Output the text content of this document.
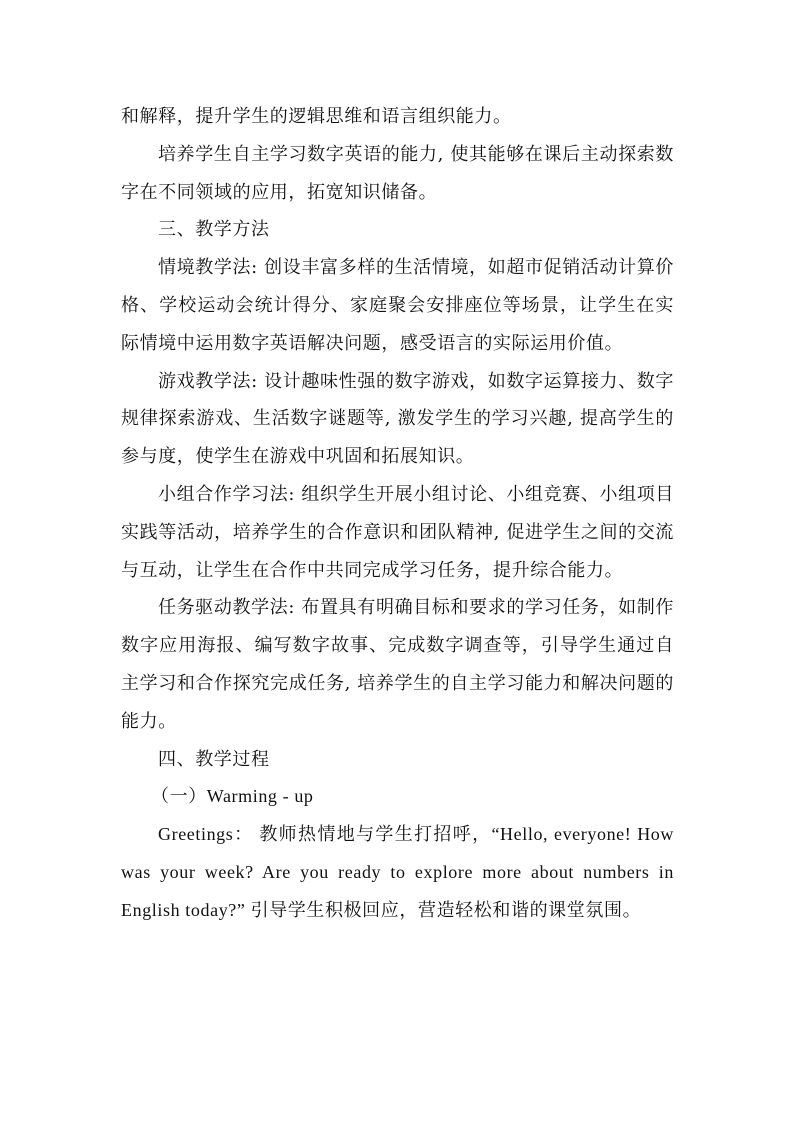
和解释，提升学生的逻辑思维和语言组织能力。

培养学生自主学习数字英语的能力, 使其能够在课后主动探索数字在不同领域的应用，拓宽知识储备。

三、教学方法

情境教学法: 创设丰富多样的生活情境，如超市促销活动计算价格、学校运动会统计得分、家庭聚会安排座位等场景，让学生在实际情境中运用数字英语解决问题，感受语言的实际运用价值。

游戏教学法: 设计趣味性强的数字游戏，如数字运算接力、数字规律探索游戏、生活数字谜题等, 激发学生的学习兴趣, 提高学生的参与度，使学生在游戏中巩固和拓展知识。

小组合作学习法: 组织学生开展小组讨论、小组竞赛、小组项目实践等活动，培养学生的合作意识和团队精神, 促进学生之间的交流与互动，让学生在合作中共同完成学习任务，提升综合能力。

任务驱动教学法: 布置具有明确目标和要求的学习任务，如制作数字应用海报、编写数字故事、完成数字调查等，引导学生通过自主学习和合作探究完成任务, 培养学生的自主学习能力和解决问题的能力。

四、教学过程

（一）Warming - up

Greetings： 教师热情地与学生打招呼，“Hello, everyone! How was your week? Are you ready to explore more about numbers in English today?” 引导学生积极回应，营造轻松和谐的课堂氛围。
